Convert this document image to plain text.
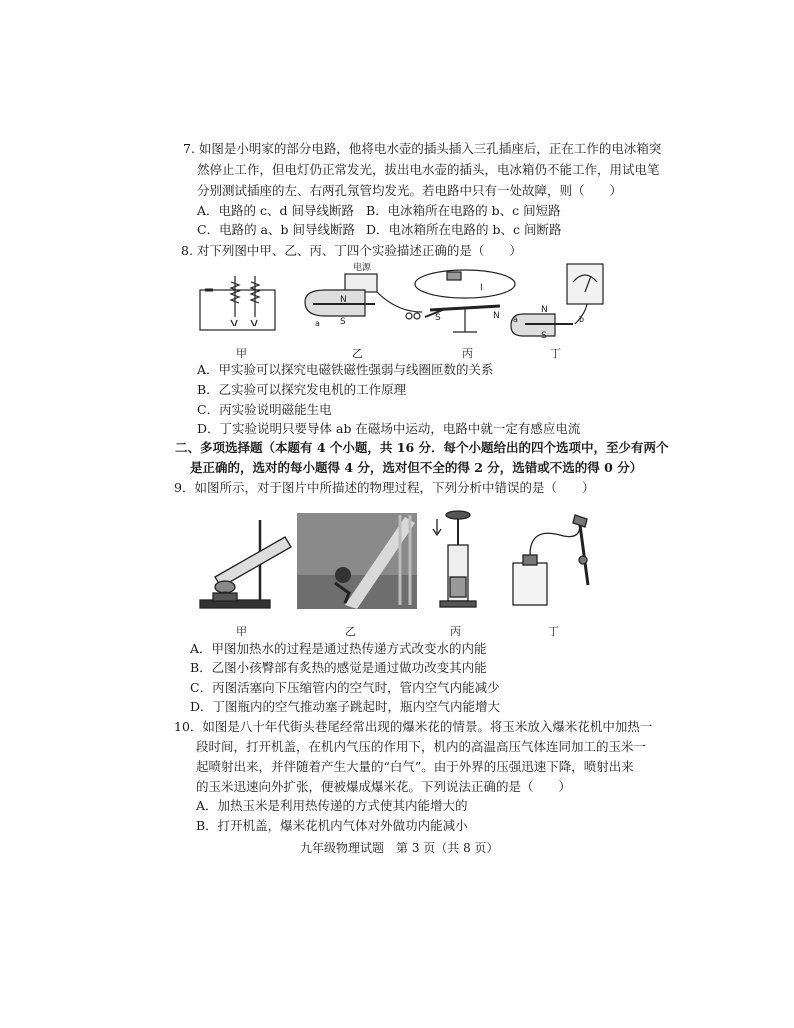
7. 如图是小明家的部分电路，他将电水壶的插头插入三孔插座后，正在工作的电冰箱突
然停止工作，但电灯仍正常发光，拔出电水壶的插头，电冰箱仍不能工作，用试电笔
分别测试插座的左、右两孔氖管均发光。若电路中只有一处故障，则（　　）
A．电路的 c、d 间导线断路 B．电冰箱所在电路的 b、c 间短路
C．电路的 a、b 间导线断路 D．电冰箱所在电路的 b、c 间断路
8. 对下列图中甲、乙、丙、丁四个实验描述正确的是（　　）
电源
N
S
a
S	N
I
N
S
a	b
甲	乙	丙	丁
A．甲实验可以探究电磁铁磁性强弱与线圈匝数的关系
B．乙实验可以探究发电机的工作原理
C．丙实验说明磁能生电
D．丁实验说明只要导体 ab 在磁场中运动，电路中就一定有感应电流
二、多项选择题（本题有 4 个小题，共 16 分．每个小题给出的四个选项中，至少有两个
是正确的，选对的每小题得 4 分，选对但不全的得 2 分，选错或不选的得 0 分）
9．如图所示，对于图片中所描述的物理过程，下列分析中错误的是（　　）
甲	乙	丙	丁
A．甲图加热水的过程是通过热传递方式改变水的内能
B．乙图小孩臀部有炙热的感觉是通过做功改变其内能
C．丙图活塞向下压缩管内的空气时，管内空气内能减少
D．丁图瓶内的空气推动塞子跳起时，瓶内空气内能增大
10．如图是八十年代街头巷尾经常出现的爆米花的情景。将玉米放入爆米花机中加热一
段时间，打开机盖，在机内气压的作用下，机内的高温高压气体连同加工的玉米一
起喷射出来，并伴随着产生大量的“白气”。由于外界的压强迅速下降，喷射出来
的玉米迅速向外扩张，便被爆成爆米花。下列说法正确的是（　　）
A．加热玉米是利用热传递的方式使其内能增大的
B．打开机盖，爆米花机内气体对外做功内能减小
九年级物理试题　第 3 页（共 8 页）
